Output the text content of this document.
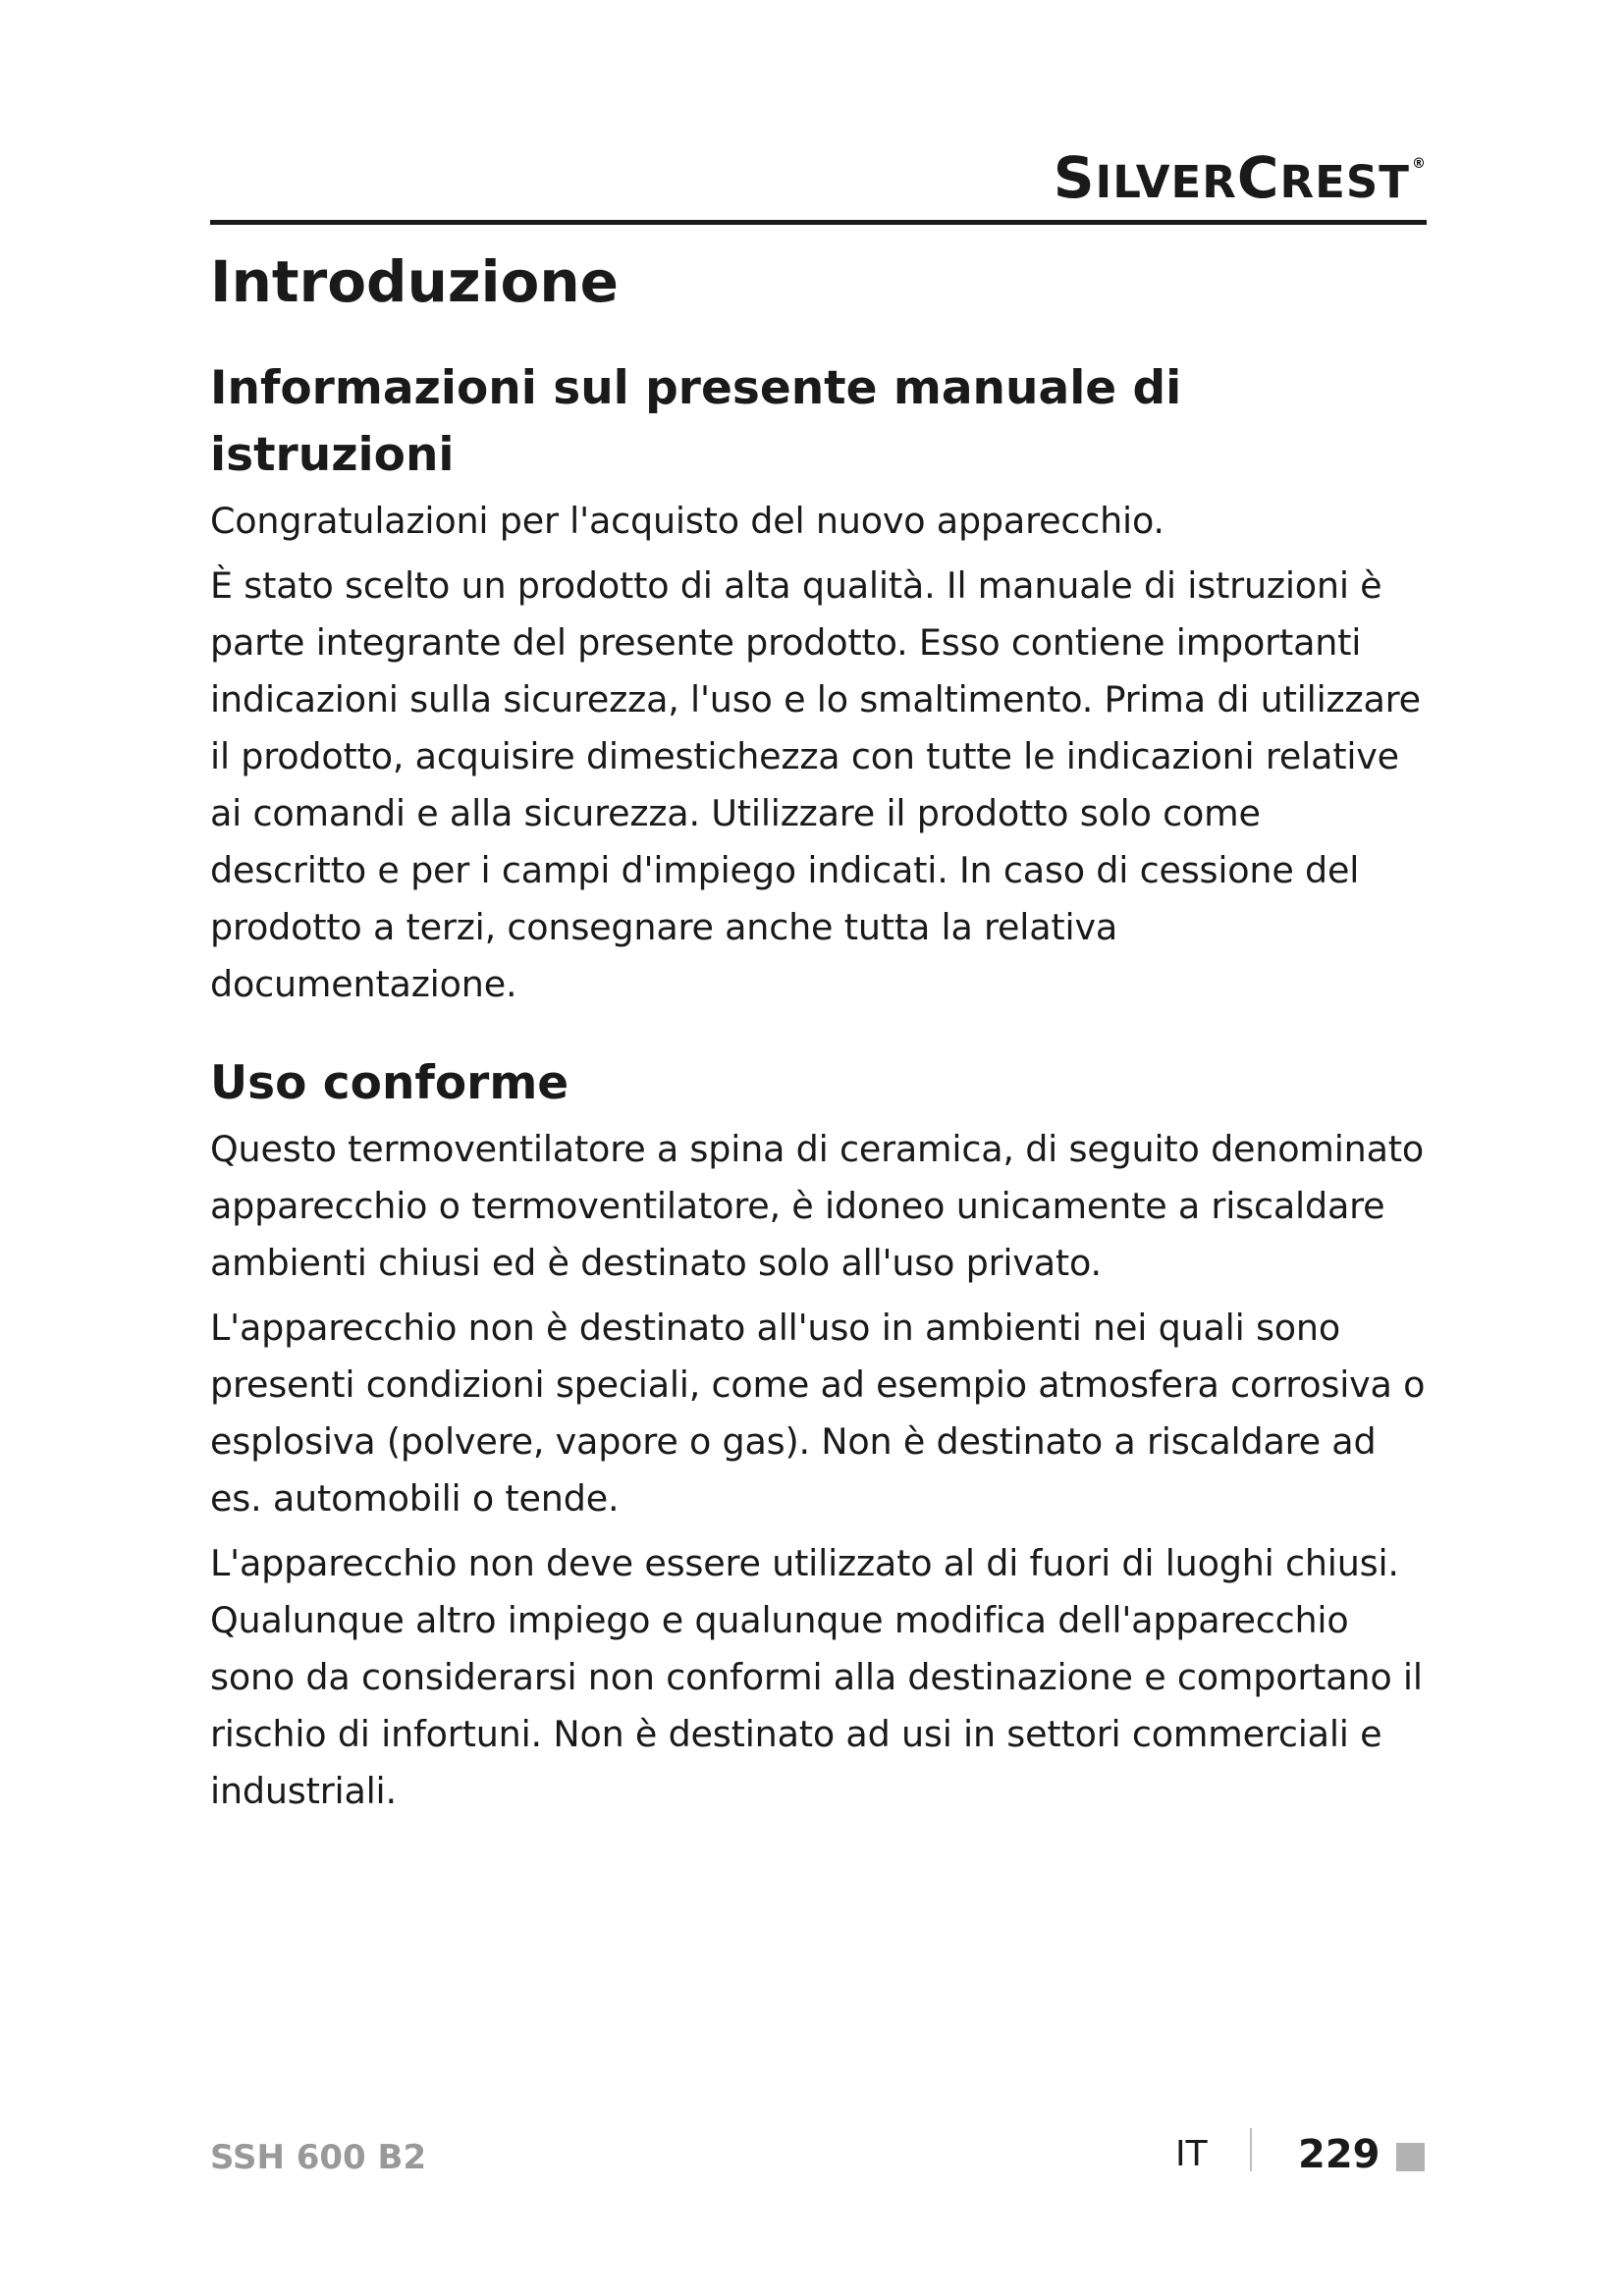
SILVERCREST ®
Introduzione
Informazioni sul presente manuale di
istruzioni

Congratulazioni per l'acquisto del nuovo apparecchio.

È stato scelto un prodotto di alta qualità. Il manuale di istruzioni è parte integrante del presente prodotto. Esso contiene importanti indicazioni sulla sicurezza, l'uso e lo smaltimento. Prima di utilizzare il prodotto, acquisire dimestichezza con tutte le indicazioni relative ai comandi e alla sicurezza. Utilizzare il prodotto solo come descritto e per i campi d'impiego indicati. In caso di cessione del prodotto a terzi, consegnare anche tutta la relativa documentazione.

Uso conforme

Questo termoventilatore a spina di ceramica, di seguito denominato apparecchio o termoventilatore, è idoneo unicamente a riscaldare ambienti chiusi ed è destinato solo all'uso privato.

L'apparecchio non è destinato all'uso in ambienti nei quali sono presenti condizioni speciali, come ad esempio atmosfera corrosiva o esplosiva (polvere, vapore o gas). Non è destinato a riscaldare ad es. automobili o tende.

L'apparecchio non deve essere utilizzato al di fuori di luoghi chiusi. Qualunque altro impiego e qualunque modifica dell'apparecchio sono da considerarsi non conformi alla destinazione e comportano il rischio di infortuni. Non è destinato ad usi in settori commerciali e industriali.

SSH 600 B2	IT 229
